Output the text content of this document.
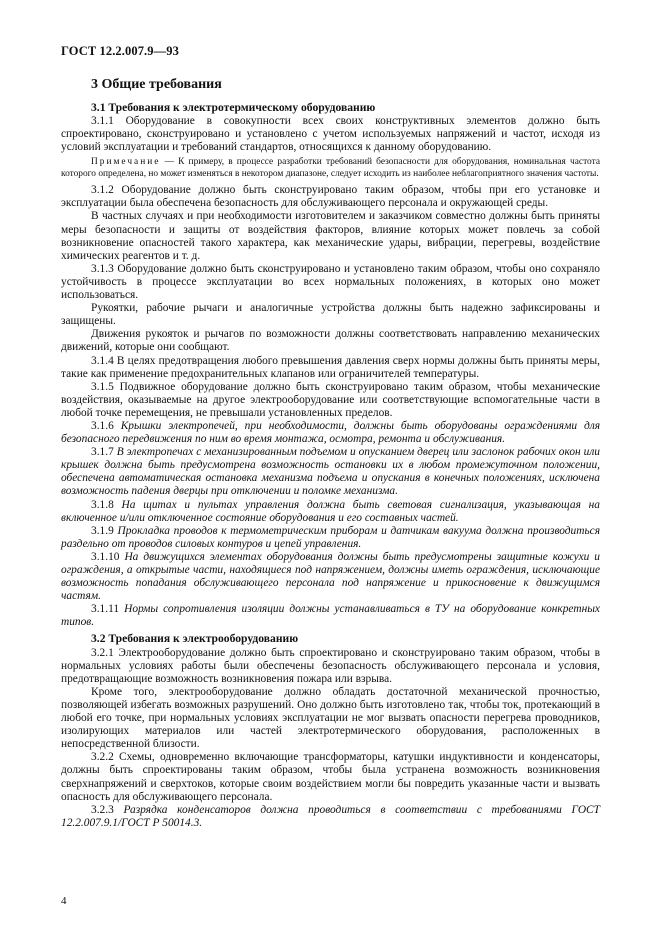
ГОСТ 12.2.007.9—93

3 Общие требования

3.1 Требования к электротермическому оборудованию

3.1.1 Оборудование в совокупности всех своих конструктивных элементов должно быть спроектировано, сконструировано и установлено с учетом используемых напряжений и частот, исходя из условий эксплуатации и требований стандартов, относящихся к данному оборудованию.

Примечание — К примеру, в процессе разработки требований безопасности для оборудования, номинальная частота которого определена, но может изменяться в некотором диапазоне, следует исходить из наиболее неблагоприятного значения частоты.

3.1.2 Оборудование должно быть сконструировано таким образом, чтобы при его установке и эксплуатации была обеспечена безопасность для обслуживающего персонала и окружающей среды.

В частных случаях и при необходимости изготовителем и заказчиком совместно должны быть приняты меры безопасности и защиты от воздействия факторов, влияние которых может повлечь за собой возникновение опасностей такого характера, как механические удары, вибрации, перегревы, воздействие химических реагентов и т. д.

3.1.3 Оборудование должно быть сконструировано и установлено таким образом, чтобы оно сохраняло устойчивость в процессе эксплуатации во всех нормальных положениях, в которых оно может использоваться.

Рукоятки, рабочие рычаги и аналогичные устройства должны быть надежно зафиксированы и защищены.

Движения рукояток и рычагов по возможности должны соответствовать направлению механических движений, которые они сообщают.

3.1.4 В целях предотвращения любого превышения давления сверх нормы должны быть приняты меры, такие как применение предохранительных клапанов или ограничителей температуры.

3.1.5 Подвижное оборудование должно быть сконструировано таким образом, чтобы механические воздействия, оказываемые на другое электрооборудование или соответствующие вспомогательные части в любой точке перемещения, не превышали установленных пределов.

3.1.6 Крышки электропечей, при необходимости, должны быть оборудованы ограждениями для безопасного передвижения по ним во время монтажа, осмотра, ремонта и обслуживания.

3.1.7 В электропечах с механизированным подъемом и опусканием дверец или заслонок рабочих окон или крышек должна быть предусмотрена возможность остановки их в любом промежуточном положении, обеспечена автоматическая остановка механизма подъема и опускания в конечных положениях, исключена возможность падения дверцы при отключении и поломке механизма.

3.1.8 На щитах и пультах управления должна быть световая сигнализация, указывающая на включенное и/или отключенное состояние оборудования и его составных частей.

3.1.9 Прокладка проводов к термометрическим приборам и датчикам вакуума должна производиться раздельно от проводов силовых контуров и цепей управления.

3.1.10 На движущихся элементах оборудования должны быть предусмотрены защитные кожухи и ограждения, а открытые части, находящиеся под напряжением, должны иметь ограждения, исключающие возможность попадания обслуживающего персонала под напряжение и прикосновение к движущимся частям.

3.1.11 Нормы сопротивления изоляции должны устанавливаться в ТУ на оборудование конкретных типов.

3.2 Требования к электрооборудованию

3.2.1 Электрооборудование должно быть спроектировано и сконструировано таким образом, чтобы в нормальных условиях работы были обеспечены безопасность обслуживающего персонала и условия, предотвращающие возможность возникновения пожара или взрыва.

Кроме того, электрооборудование должно обладать достаточной механической прочностью, позволяющей избегать возможных разрушений. Оно должно быть изготовлено так, чтобы ток, протекающий в любой его точке, при нормальных условиях эксплуатации не мог вызвать опасности перегрева проводников, изолирующих материалов или частей электротермического оборудования, расположенных в непосредственной близости.

3.2.2 Схемы, одновременно включающие трансформаторы, катушки индуктивности и конденсаторы, должны быть спроектированы таким образом, чтобы была устранена возможность возникновения сверхнапряжений и сверхтоков, которые своим воздействием могли бы повредить указанные части и вызвать опасность для обслуживающего персонала.

3.2.3 Разрядка конденсаторов должна проводиться в соответствии с требованиями ГОСТ 12.2.007.9.1/ГОСТ Р 50014.3.

4
